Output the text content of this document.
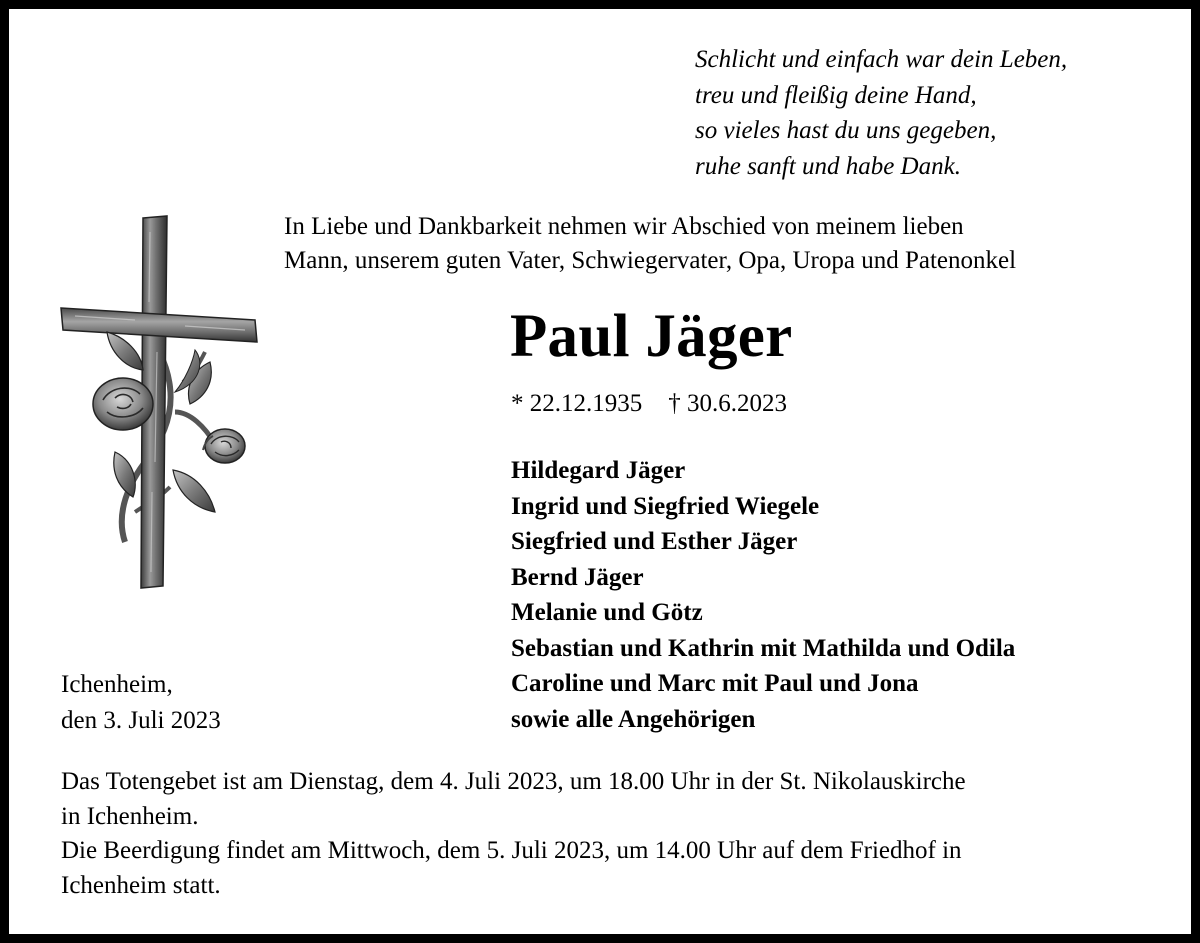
Schlicht und einfach war dein Leben,
treu und fleißig deine Hand,
so vieles hast du uns gegeben,
ruhe sanft und habe Dank.
In Liebe und Dankbarkeit nehmen wir Abschied von meinem lieben
Mann, unserem guten Vater, Schwiegervater, Opa, Uropa und Patenonkel
Paul Jäger
* 22.12.1935 † 30.6.2023
Hildegard Jäger
Ingrid und Siegfried Wiegele
Siegfried und Esther Jäger
Bernd Jäger
Melanie und Götz
Sebastian und Kathrin mit Mathilda und Odila
Caroline und Marc mit Paul und Jona
sowie alle Angehörigen
Ichenheim,
den 3. Juli 2023
Das Totengebet ist am Dienstag, dem 4. Juli 2023, um 18.00 Uhr in der St. Nikolauskirche
in Ichenheim.
Die Beerdigung findet am Mittwoch, dem 5. Juli 2023, um 14.00 Uhr auf dem Friedhof in
Ichenheim statt.
